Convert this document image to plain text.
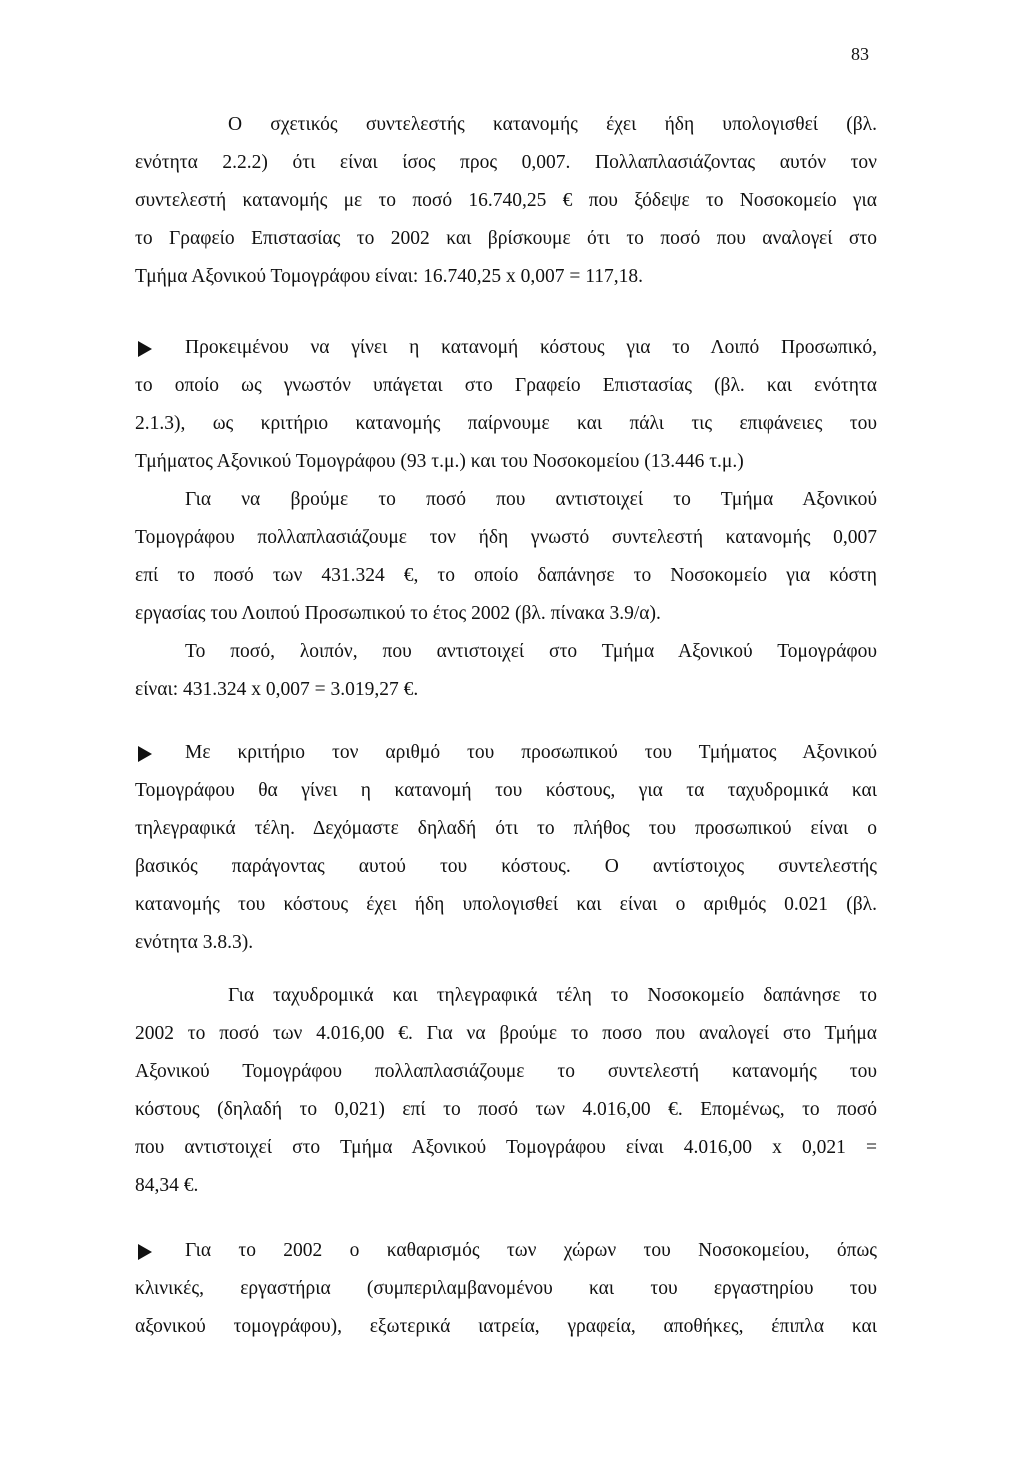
83
Ο σχετικός συντελεστής κατανομής έχει ήδη υπολογισθεί (βλ.
ενότητα 2.2.2) ότι είναι ίσος προς 0,007. Πολλαπλασιάζοντας αυτόν τον
συντελεστή κατανομής με το ποσό 16.740,25 € που ξόδεψε το Νοσοκομείο για
το Γραφείο Επιστασίας το 2002 και βρίσκουμε ότι το ποσό που αναλογεί στο
Τμήμα Αξονικού Τομογράφου είναι: 16.740,25 x 0,007 = 117,18.
Προκειμένου να γίνει η κατανομή κόστους για το Λοιπό Προσωπικό,
το οποίο ως γνωστόν υπάγεται στο Γραφείο Επιστασίας (βλ. και ενότητα
2.1.3), ως κριτήριο κατανομής παίρνουμε και πάλι τις επιφάνειες του
Τμήματος Αξονικού Τομογράφου (93 τ.μ.) και του Νοσοκομείου (13.446 τ.μ.)
Για να βρούμε το ποσό που αντιστοιχεί το Τμήμα Αξονικού
Τομογράφου πολλαπλασιάζουμε τον ήδη γνωστό συντελεστή κατανομής 0,007
επί το ποσό των 431.324 €, το οποίο δαπάνησε το Νοσοκομείο για κόστη
εργασίας του Λοιπού Προσωπικού το έτος 2002 (βλ. πίνακα 3.9/α).
Το ποσό, λοιπόν, που αντιστοιχεί στο Τμήμα Αξονικού Τομογράφου
είναι: 431.324 x 0,007 = 3.019,27 €.
Με κριτήριο τον αριθμό του προσωπικού του Τμήματος Αξονικού
Τομογράφου θα γίνει η κατανομή του κόστους, για τα ταχυδρομικά και
τηλεγραφικά τέλη. Δεχόμαστε δηλαδή ότι το πλήθος του προσωπικού είναι ο
βασικός παράγοντας αυτού του κόστους. Ο αντίστοιχος συντελεστής
κατανομής του κόστους έχει ήδη υπολογισθεί και είναι ο αριθμός 0.021 (βλ.
ενότητα 3.8.3).
Για ταχυδρομικά και τηλεγραφικά τέλη το Νοσοκομείο δαπάνησε το
2002 το ποσό των 4.016,00 €. Για να βρούμε το ποσο που αναλογεί στο Τμήμα
Αξονικού Τομογράφου πολλαπλασιάζουμε το συντελεστή κατανομής του
κόστους (δηλαδή το 0,021) επί το ποσό των 4.016,00 €. Επομένως, το ποσό
που αντιστοιχεί στο Τμήμα Αξονικού Τομογράφου είναι 4.016,00 x 0,021 =
84,34 €.
Για το 2002 ο καθαρισμός των χώρων του Νοσοκομείου, όπως
κλινικές, εργαστήρια (συμπεριλαμβανομένου και του εργαστηρίου του
αξονικού τομογράφου), εξωτερικά ιατρεία, γραφεία, αποθήκες, έπιπλα και
